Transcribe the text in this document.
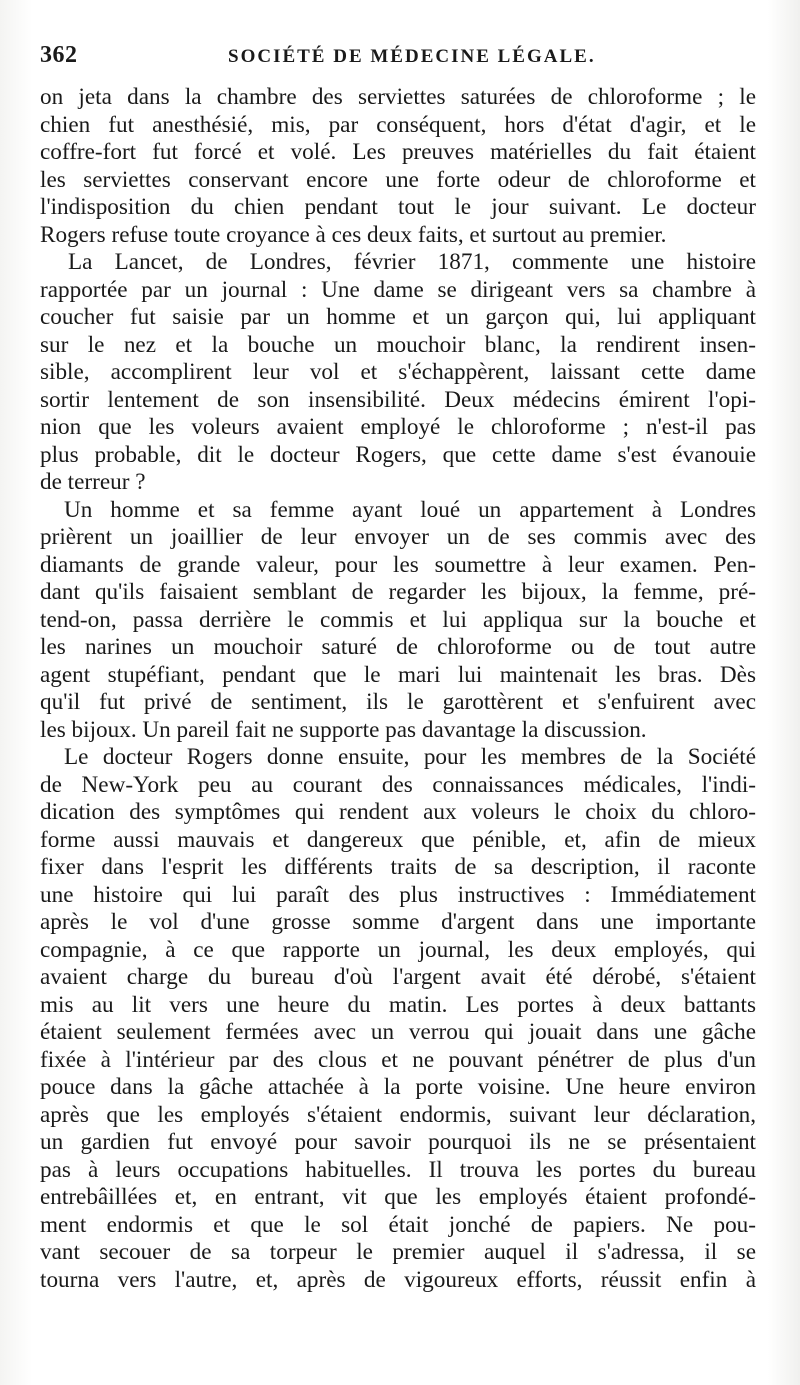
362	SOCIÉTÉ DE MÉDECINE LÉGALE.
on jeta dans la chambre des serviettes saturées de chloroforme ; le
chien fut anesthésié, mis, par conséquent, hors d'état d'agir, et le
coffre-fort fut forcé et volé. Les preuves matérielles du fait étaient
les serviettes conservant encore une forte odeur de chloroforme et
l'indisposition du chien pendant tout le jour suivant. Le docteur
Rogers refuse toute croyance à ces deux faits, et surtout au premier.
La Lancet, de Londres, février 1871, commente une histoire
rapportée par un journal : Une dame se dirigeant vers sa chambre à
coucher fut saisie par un homme et un garçon qui, lui appliquant
sur le nez et la bouche un mouchoir blanc, la rendirent insen-
sible, accomplirent leur vol et s'échappèrent, laissant cette dame
sortir lentement de son insensibilité. Deux médecins émirent l'opi-
nion que les voleurs avaient employé le chloroforme ; n'est-il pas
plus probable, dit le docteur Rogers, que cette dame s'est évanouie
de terreur ?
Un homme et sa femme ayant loué un appartement à Londres
prièrent un joaillier de leur envoyer un de ses commis avec des
diamants de grande valeur, pour les soumettre à leur examen. Pen-
dant qu'ils faisaient semblant de regarder les bijoux, la femme, pré-
tend-on, passa derrière le commis et lui appliqua sur la bouche et
les narines un mouchoir saturé de chloroforme ou de tout autre
agent stupéfiant, pendant que le mari lui maintenait les bras. Dès
qu'il fut privé de sentiment, ils le garottèrent et s'enfuirent avec
les bijoux. Un pareil fait ne supporte pas davantage la discussion.
Le docteur Rogers donne ensuite, pour les membres de la Société
de New-York peu au courant des connaissances médicales, l'indi-
dication des symptômes qui rendent aux voleurs le choix du chloro-
forme aussi mauvais et dangereux que pénible, et, afin de mieux
fixer dans l'esprit les différents traits de sa description, il raconte
une histoire qui lui paraît des plus instructives : Immédiatement
après le vol d'une grosse somme d'argent dans une importante
compagnie, à ce que rapporte un journal, les deux employés, qui
avaient charge du bureau d'où l'argent avait été dérobé, s'étaient
mis au lit vers une heure du matin. Les portes à deux battants
étaient seulement fermées avec un verrou qui jouait dans une gâche
fixée à l'intérieur par des clous et ne pouvant pénétrer de plus d'un
pouce dans la gâche attachée à la porte voisine. Une heure environ
après que les employés s'étaient endormis, suivant leur déclaration,
un gardien fut envoyé pour savoir pourquoi ils ne se présentaient
pas à leurs occupations habituelles. Il trouva les portes du bureau
entrebâillées et, en entrant, vit que les employés étaient profondé-
ment endormis et que le sol était jonché de papiers. Ne pou-
vant secouer de sa torpeur le premier auquel il s'adressa, il se
tourna vers l'autre, et, après de vigoureux efforts, réussit enfin à
